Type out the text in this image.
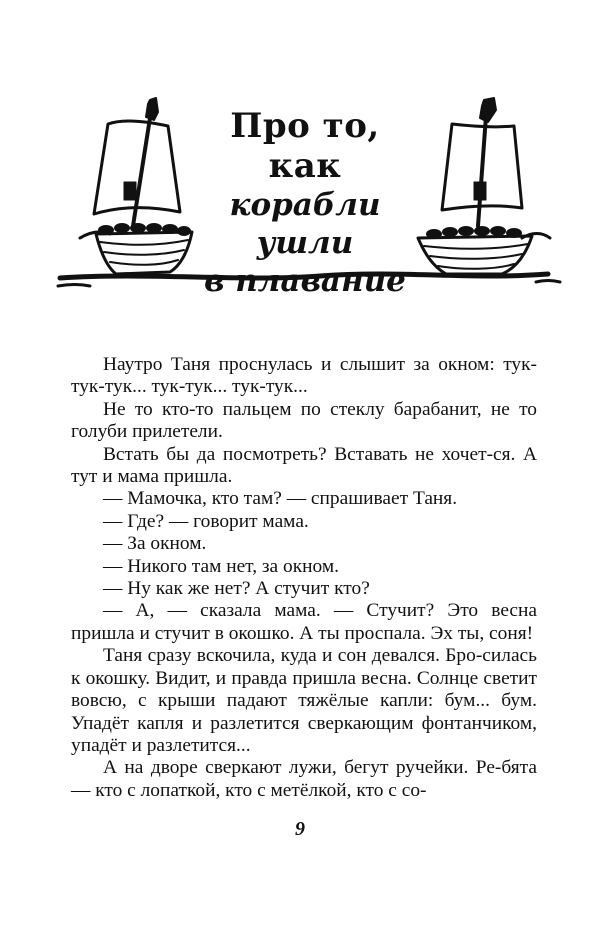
Про то, как
корабли ушли
в плавание

Наутро Таня проснулась и слышит за окном: тук-тук-тук... тук-тук... тук-тук...

Не то кто-то пальцем по стеклу барабанит, не то голуби прилетели.

Встать бы да посмотреть? Вставать не хочет-ся. А тут и мама пришла.

— Мамочка, кто там? — спрашивает Таня.

— Где? — говорит мама.

— За окном.

— Никого там нет, за окном.

— Ну как же нет? А стучит кто?

— А, — сказала мама. — Стучит? Это весна пришла и стучит в окошко. А ты проспала. Эх ты, соня!

Таня сразу вскочила, куда и сон девался. Бро-силась к окошку. Видит, и правда пришла весна. Солнце светит вовсю, с крыши падают тяжёлые капли: бум... бум. Упадёт капля и разлетится сверкающим фонтанчиком, упадёт и разлетится...

А на дворе сверкают лужи, бегут ручейки. Ре-бята — кто с лопаткой, кто с метёлкой, кто с со-

9
